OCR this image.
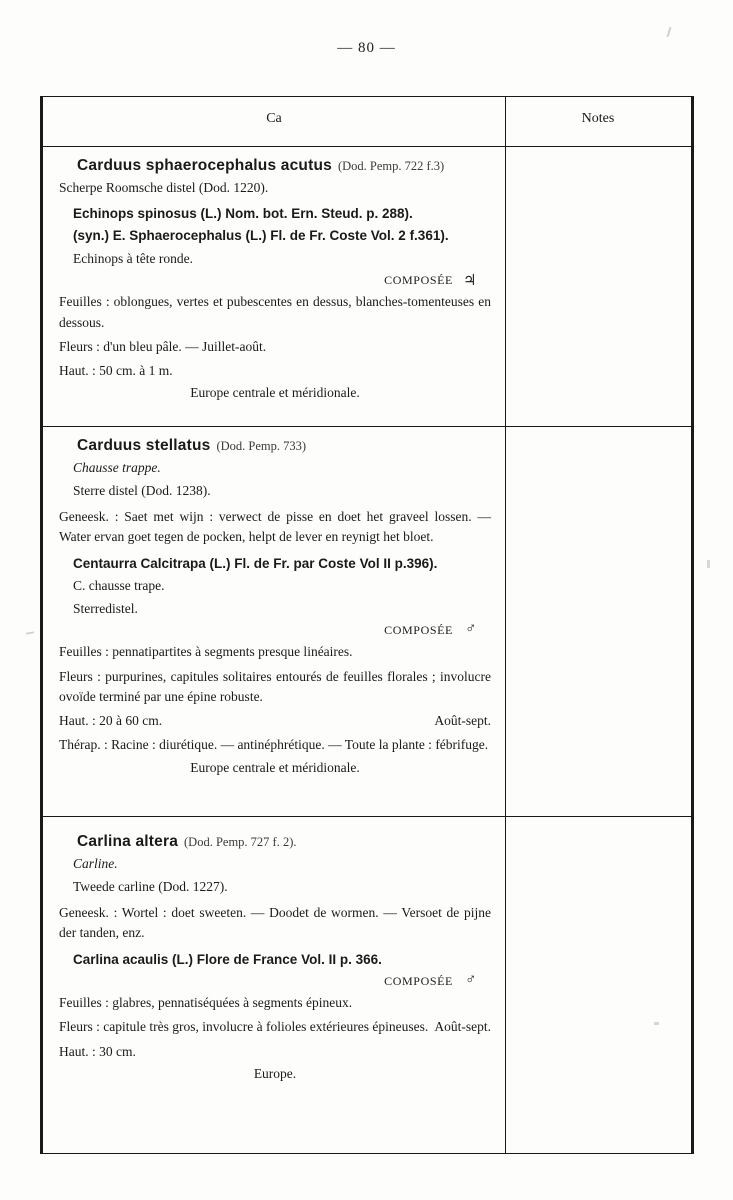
— 80 —
Ca	Notes
Carduus sphaerocephalus acutus (Dod. Pemp. 722 f.3)
Scherpe Roomsche distel (Dod. 1220).
Echinops spinosus (L.) Nom. bot. Ern. Steud. p. 288).
(syn.) E. Sphaerocephalus (L.) Fl. de Fr. Coste Vol. 2 f.361).
Echinops à tête ronde.
COMPOSÉE ♃
Feuilles : oblongues, vertes et pubescentes en dessus, blanches-tomenteuses en dessous.
Fleurs : d'un bleu pâle. — Juillet-août.
Haut. : 50 cm. à 1 m.
Europe centrale et méridionale.
Carduus stellatus (Dod. Pemp. 733)
Chausse trappe.
Sterre distel (Dod. 1238).
Geneesk. : Saet met wijn : verwect de pisse en doet het graveel lossen. — Water ervan goet tegen de pocken, helpt de lever en reynigt het bloet.
Centaurra Calcitrapa (L.) Fl. de Fr. par Coste Vol II p.396).
C. chausse trape.
Sterredistel.
COMPOSÉE ♂
Feuilles : pennatipartites à segments presque linéaires.
Fleurs : purpurines, capitules solitaires entourés de feuilles florales ; involucre ovoïde terminé par une épine robuste.
Août-sept.
Haut. : 20 à 60 cm.
Thérap. : Racine : diurétique. — antinéphrétique. — Toute la plante : fébrifuge.
Europe centrale et méridionale.
Carlina altera (Dod. Pemp. 727 f. 2).
Carline.
Tweede carline (Dod. 1227).
Geneesk. : Wortel : doet sweeten. — Doodet de wormen. — Versoet de pijne der tanden, enz.
Carlina acaulis (L.) Flore de France Vol. II p. 366.
COMPOSÉE ♂
Feuilles : glabres, pennatiséquées à segments épineux.
Août-sept.
Fleurs : capitule très gros, involucre à folioles extérieures épineuses.
Haut. : 30 cm.
Europe.
